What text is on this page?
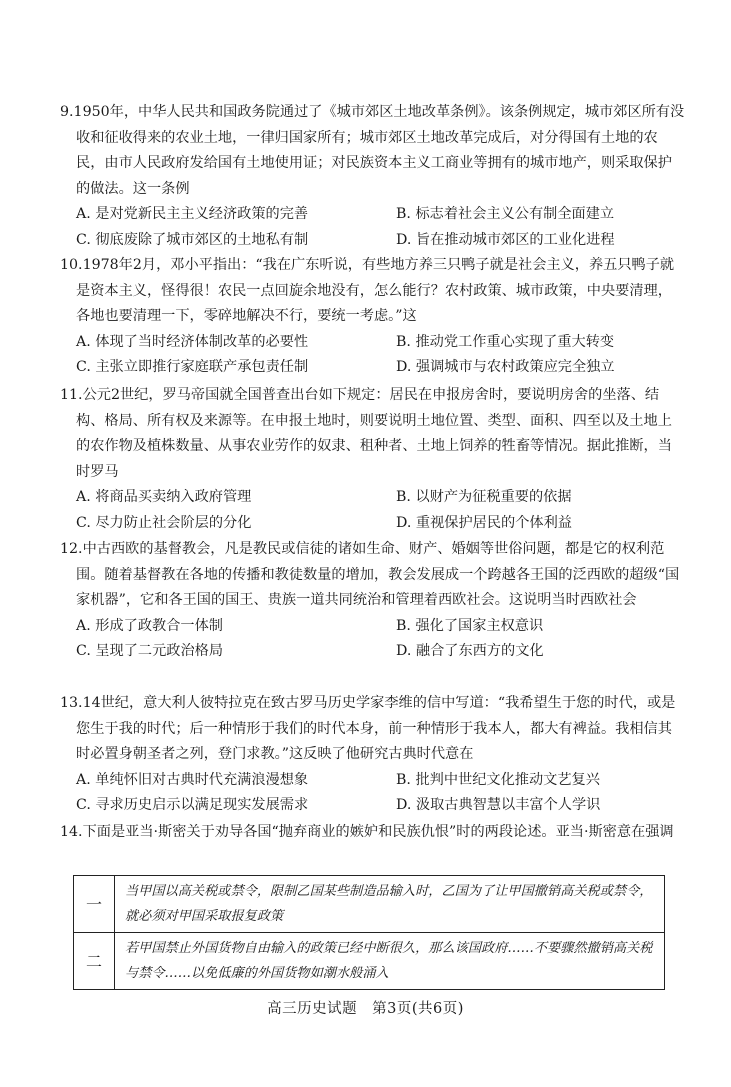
9.1950年，中华人民共和国政务院通过了《城市郊区土地改革条例》。该条例规定，城市郊区所有没收和征收得来的农业土地，一律归国家所有；城市郊区土地改革完成后，对分得国有土地的农民，由市人民政府发给国有土地使用证；对民族资本主义工商业等拥有的城市地产，则采取保护的做法。这一条例
A. 是对党新民主主义经济政策的完善	B. 标志着社会主义公有制全面建立
C. 彻底废除了城市郊区的土地私有制	D. 旨在推动城市郊区的工业化进程
10.1978年2月，邓小平指出：“我在广东听说，有些地方养三只鸭子就是社会主义，养五只鸭子就是资本主义，怪得很！农民一点回旋余地没有，怎么能行？农村政策、城市政策，中央要清理，各地也要清理一下，零碎地解决不行，要统一考虑。”这
A. 体现了当时经济体制改革的必要性	B. 推动党工作重心实现了重大转变
C. 主张立即推行家庭联产承包责任制	D. 强调城市与农村政策应完全独立
11.公元2世纪，罗马帝国就全国普查出台如下规定：居民在申报房舍时，要说明房舍的坐落、结构、格局、所有权及来源等。在申报土地时，则要说明土地位置、类型、面积、四至以及土地上的农作物及植株数量、从事农业劳作的奴隶、租种者、土地上饲养的牲畜等情况。据此推断，当时罗马
A. 将商品买卖纳入政府管理	B. 以财产为征税重要的依据
C. 尽力防止社会阶层的分化	D. 重视保护居民的个体利益
12.中古西欧的基督教会，凡是教民或信徒的诸如生命、财产、婚姻等世俗问题，都是它的权利范围。随着基督教在各地的传播和教徒数量的增加，教会发展成一个跨越各王国的泛西欧的超级“国家机器”，它和各王国的国王、贵族一道共同统治和管理着西欧社会。这说明当时西欧社会
A. 形成了政教合一体制	B. 强化了国家主权意识
C. 呈现了二元政治格局	D. 融合了东西方的文化
13.14世纪，意大利人彼特拉克在致古罗马历史学家李维的信中写道：“我希望生于您的时代，或是您生于我的时代；后一种情形于我们的时代本身，前一种情形于我本人，都大有裨益。我相信其时必置身朝圣者之列，登门求教。”这反映了他研究古典时代意在
A. 单纯怀旧对古典时代充满浪漫想象	B. 批判中世纪文化推动文艺复兴
C. 寻求历史启示以满足现实发展需求	D. 汲取古典智慧以丰富个人学识
14.下面是亚当·斯密关于劝导各国“抛弃商业的嫉妒和民族仇恨”时的两段论述。亚当·斯密意在强调
一	当甲国以高关税或禁令，限制乙国某些制造品输入时，乙国为了让甲国撤销高关税或禁令，就必须对甲国采取报复政策
二	若甲国禁止外国货物自由输入的政策已经中断很久，那么该国政府……不要骤然撤销高关税与禁令……以免低廉的外国货物如潮水般涌入
高三历史试题　第3页(共6页)
